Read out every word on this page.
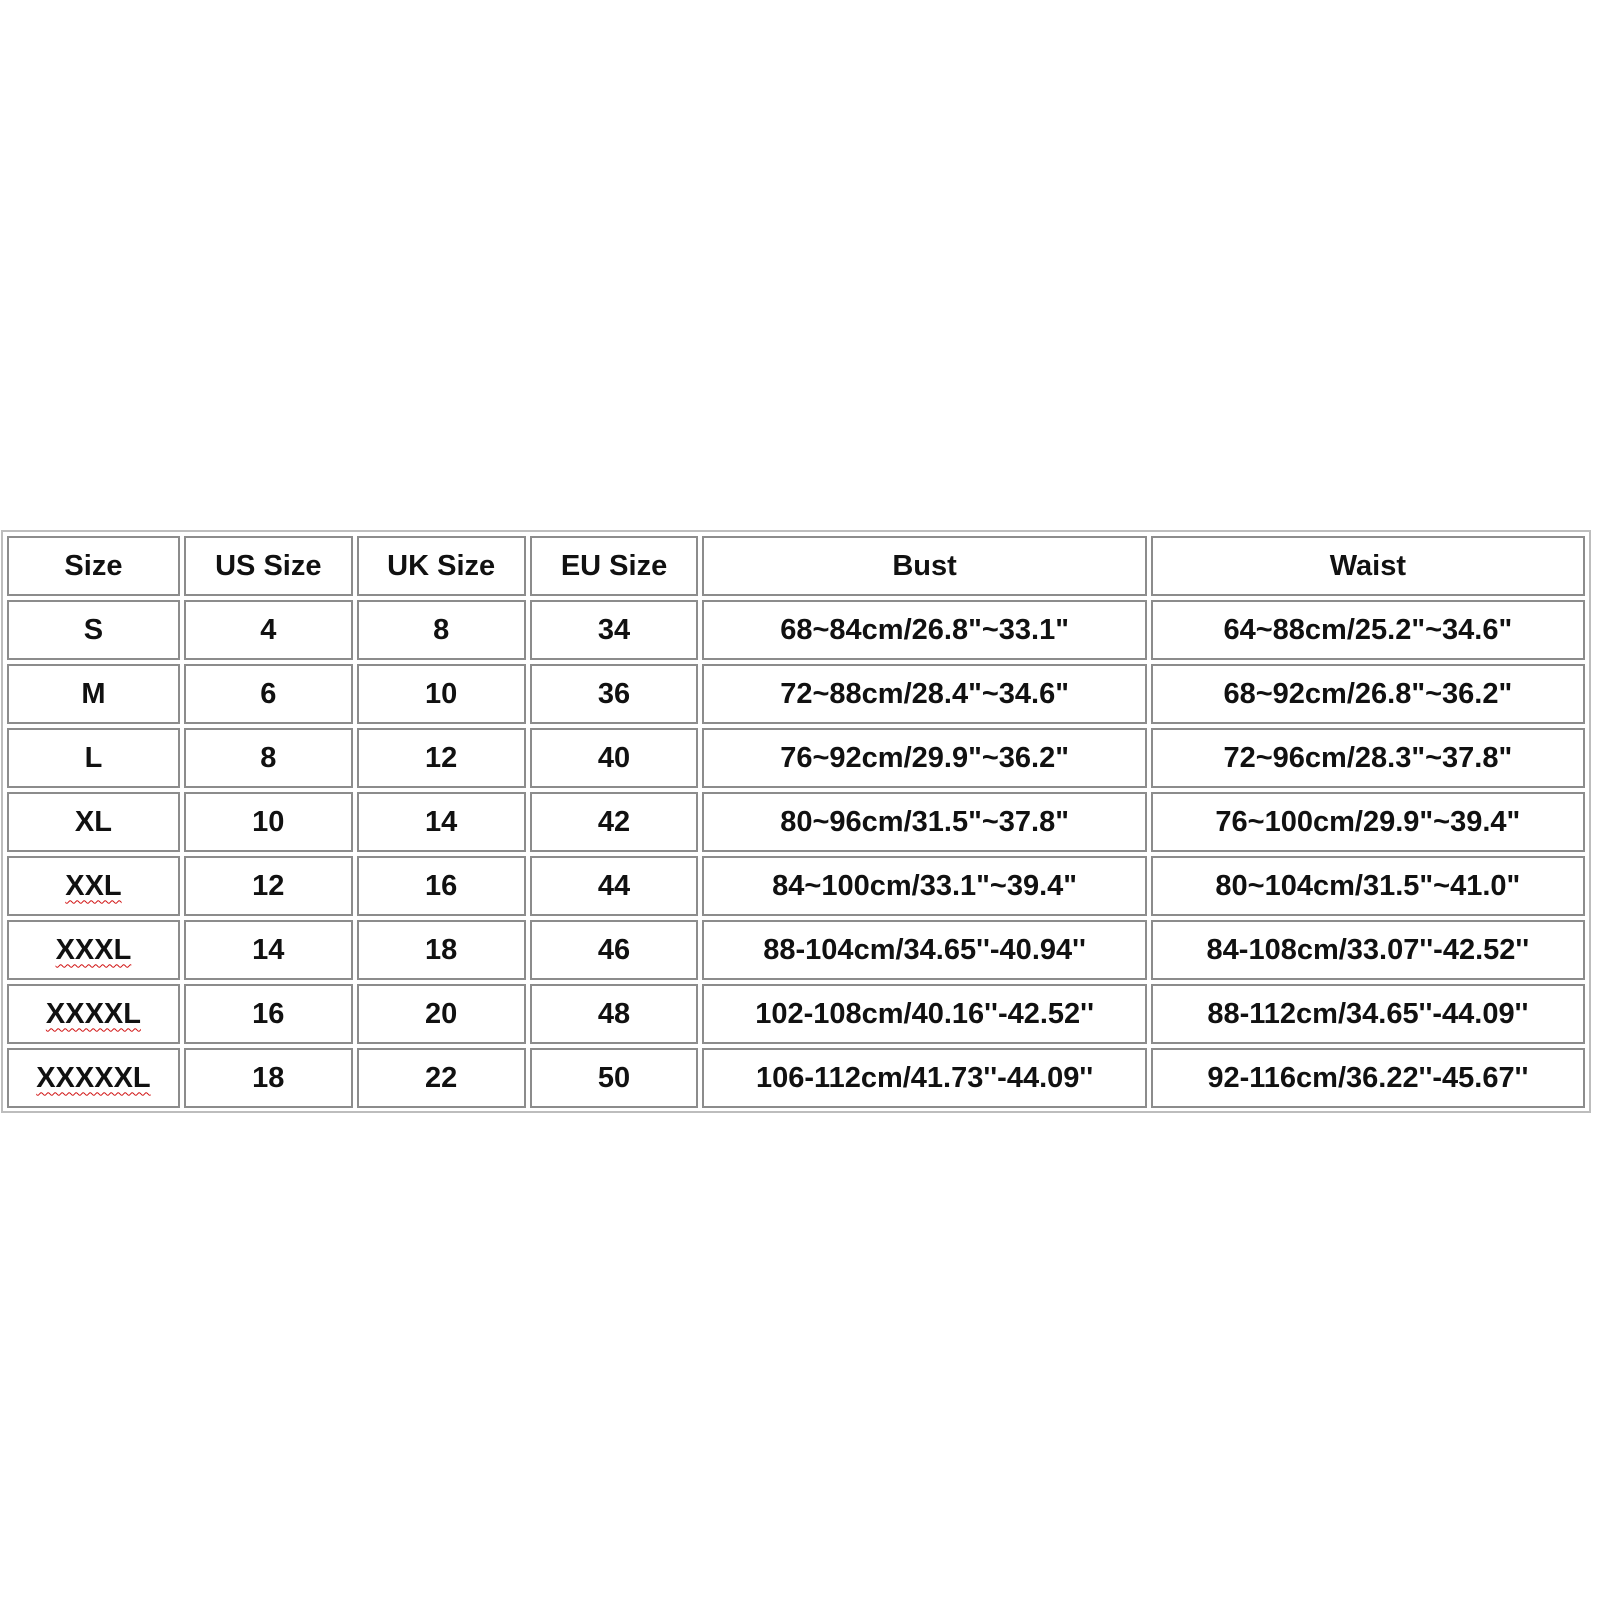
Size	US Size	UK Size	EU Size	Bust	Waist
S	4	8	34	68~84cm/26.8"~33.1"	64~88cm/25.2"~34.6"
M	6	10	36	72~88cm/28.4"~34.6"	68~92cm/26.8"~36.2"
L	8	12	40	76~92cm/29.9"~36.2"	72~96cm/28.3"~37.8"
XL	10	14	42	80~96cm/31.5"~37.8"	76~100cm/29.9"~39.4"
XXL	12	16	44	84~100cm/33.1"~39.4"	80~104cm/31.5"~41.0"
XXXL	14	18	46	88-104cm/34.65''-40.94''	84-108cm/33.07''-42.52''
XXXXL	16	20	48	102-108cm/40.16''-42.52''	88-112cm/34.65''-44.09''
XXXXXL	18	22	50	106-112cm/41.73''-44.09''	92-116cm/36.22''-45.67''
